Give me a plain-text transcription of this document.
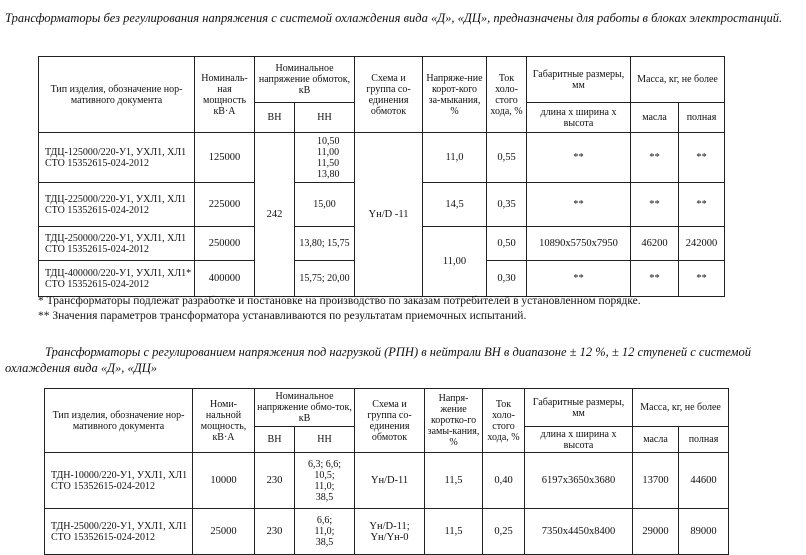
Трансформаторы без регулирования напряжения с системой охлаждения вида «Д», «ДЦ», предназначены для работы в блоках электростанций.
Тип изделия, обозначение нор-мативного документа	Номиналь-ная мощность кВ·А	Номинальное напряжение обмоток, кВ		Схема и группа со-единения обмоток	Напряже-ние корот-кого за-мыкания, %	Ток холо-стого хода, %	Габаритные размеры, мм	Масса, кг, не более	
		ВН	НН				длина х ширина х высота	масла	полная
ТДЦ-125000/220-У1, УХЛ1, ХЛ1 СТО 15352615-024-2012	125000	242	10,50 11,00 11,50 13,80	Yн/D -11	11,0	0,55	**	**	**
ТДЦ-225000/220-У1, УХЛ1, ХЛ1 СТО 15352615-024-2012	225000		15,00		14,5	0,35	**	**	**
ТДЦ-250000/220-У1, УХЛ1, ХЛ1 СТО 15352615-024-2012	250000		13,80; 15,75		11,00	0,50	10890х5750х7950	46200	242000
ТДЦ-400000/220-У1, УХЛ1, ХЛ1* СТО 15352615-024-2012	400000		15,75; 20,00			0,30	**	**	**
* Трансформаторы подлежат разработке и постановке на производство по заказам потребителей в установленном порядке.
** Значения параметров трансформатора устанавливаются по результатам приемочных испытаний.
Трансформаторы с регулированием напряжения под нагрузкой (РПН) в нейтрали ВН в диапазоне ± 12 %, ± 12 ступеней с системой охлаждения вида «Д», «ДЦ»
Тип изделия, обозначение нор-мативного документа	Номи-нальной мощность, кВ·А	Номинальное напряжение обмо-ток, кВ		Схема и группа со-единения обмоток	Напря-жение коротко-го замы-кания, %	Ток холо-стого хода, %	Габаритные размеры, мм	Масса, кг, не более	
		ВН	НН				длина х ширина х высота	масла	полная
ТДН-10000/220-У1, УХЛ1, ХЛ1 СТО 15352615-024-2012	10000	230	6,3; 6,6; 10,5; 11,0; 38,5	Yн/D-11	11,5	0,40	6197х3650х3680	13700	44600
ТДН-25000/220-У1, УХЛ1, ХЛ1 СТО 15352615-024-2012	25000	230	6,6; 11,0; 38,5	Yн/D-11; Yн/Yн-0	11,5	0,25	7350х4450х8400	29000	89000
